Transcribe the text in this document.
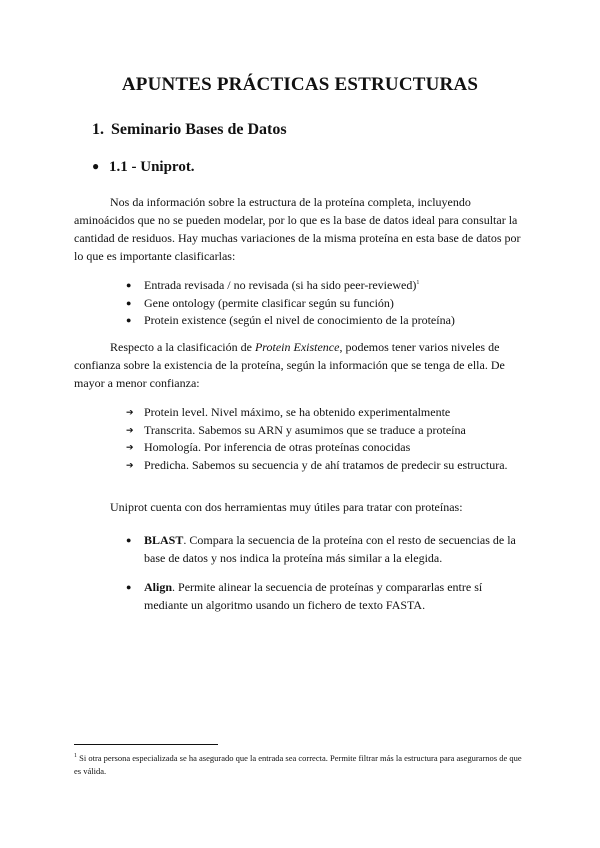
APUNTES PRÁCTICAS ESTRUCTURAS
1. Seminario Bases de Datos
● 1.1 - Uniprot.
Nos da información sobre la estructura de la proteína completa, incluyendo aminoácidos que no se pueden modelar, por lo que es la base de datos ideal para consultar la cantidad de residuos. Hay muchas variaciones de la misma proteína en esta base de datos por lo que es importante clasificarlas:
● Entrada revisada / no revisada (si ha sido peer-reviewed)$^1$
● Gene ontology (permite clasificar según su función)
● Protein existence (según el nivel de conocimiento de la proteína)
Respecto a la clasificación de Protein Existence, podemos tener varios niveles de confianza sobre la existencia de la proteína, según la información que se tenga de ella. De mayor a menor confianza:
➔ Protein level. Nivel máximo, se ha obtenido experimentalmente
➔ Transcrita. Sabemos su ARN y asumimos que se traduce a proteína
➔ Homología. Por inferencia de otras proteínas conocidas
➔ Predicha. Sabemos su secuencia y de ahí tratamos de predecir su estructura.
Uniprot cuenta con dos herramientas muy útiles para tratar con proteínas:
● BLAST. Compara la secuencia de la proteína con el resto de secuencias de la base de datos y nos indica la proteína más similar a la elegida.
● Align. Permite alinear la secuencia de proteínas y compararlas entre sí mediante un algoritmo usando un fichero de texto FASTA.
$^1$ Si otra persona especializada se ha asegurado que la entrada sea correcta. Permite filtrar más la estructura para asegurarnos de que es válida.
